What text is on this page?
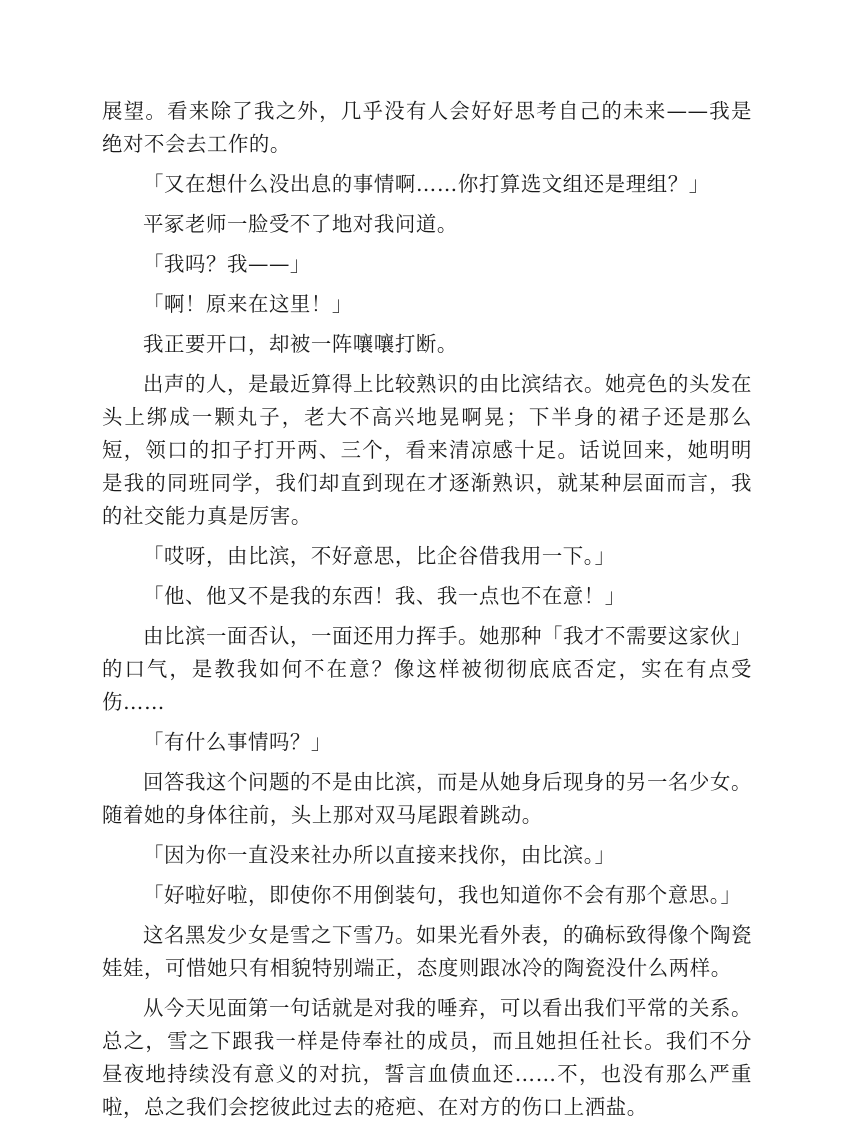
展望。看来除了我之外，几乎没有人会好好思考自己的未来——我是绝对不会去工作的。

「又在想什么没出息的事情啊……你打算选文组还是理组？」

平冢老师一脸受不了地对我问道。

「我吗？我——」

「啊！原来在这里！」

我正要开口，却被一阵嚷嚷打断。

出声的人，是最近算得上比较熟识的由比滨结衣。她亮色的头发在头上绑成一颗丸子，老大不高兴地晃啊晃；下半身的裙子还是那么短，领口的扣子打开两、三个，看来清凉感十足。话说回来，她明明是我的同班同学，我们却直到现在才逐渐熟识，就某种层面而言，我的社交能力真是厉害。

「哎呀，由比滨，不好意思，比企谷借我用一下。」

「他、他又不是我的东西！我、我一点也不在意！」

由比滨一面否认，一面还用力挥手。她那种「我才不需要这家伙」的口气，是教我如何不在意？像这样被彻彻底底否定，实在有点受伤……

「有什么事情吗？」

回答我这个问题的不是由比滨，而是从她身后现身的另一名少女。随着她的身体往前，头上那对双马尾跟着跳动。

「因为你一直没来社办所以直接来找你，由比滨。」

「好啦好啦，即使你不用倒装句，我也知道你不会有那个意思。」

这名黑发少女是雪之下雪乃。如果光看外表，的确标致得像个陶瓷娃娃，可惜她只有相貌特别端正，态度则跟冰冷的陶瓷没什么两样。

从今天见面第一句话就是对我的唾弃，可以看出我们平常的关系。总之，雪之下跟我一样是侍奉社的成员，而且她担任社长。我们不分昼夜地持续没有意义的对抗，誓言血债血还……不，也没有那么严重啦，总之我们会挖彼此过去的疮疤、在对方的伤口上洒盐。
